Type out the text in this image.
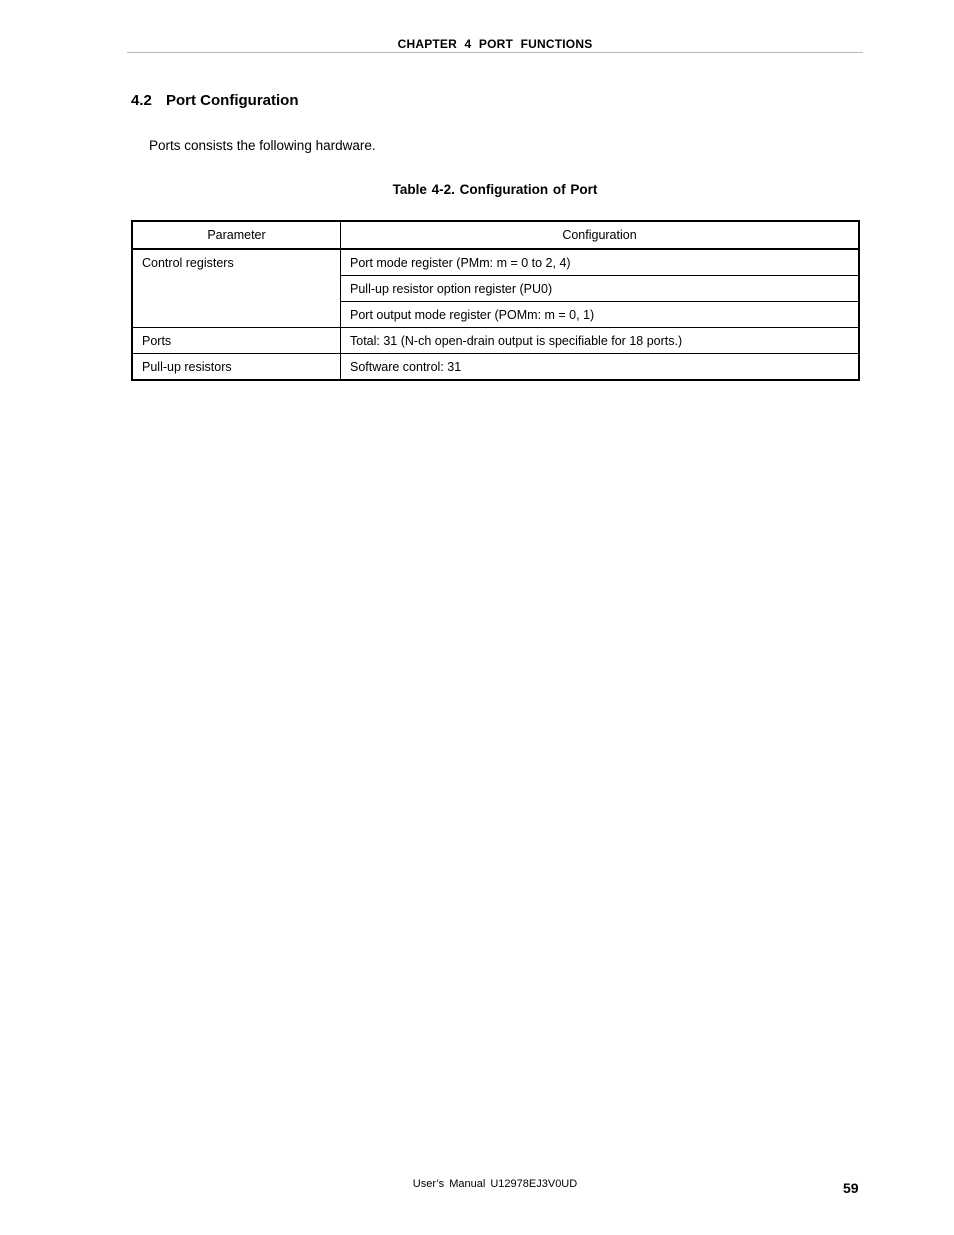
CHAPTER 4 PORT FUNCTIONS
4.2 Port Configuration
Ports consists the following hardware.
Table 4-2. Configuration of Port
Parameter	Configuration
Control registers	Port mode register (PMm: m = 0 to 2, 4)
	Pull-up resistor option register (PU0)
	Port output mode register (POMm: m = 0, 1)
Ports	Total: 31 (N-ch open-drain output is specifiable for 18 ports.)
Pull-up resistors	Software control: 31
User’s Manual U12978EJ3V0UD	59
